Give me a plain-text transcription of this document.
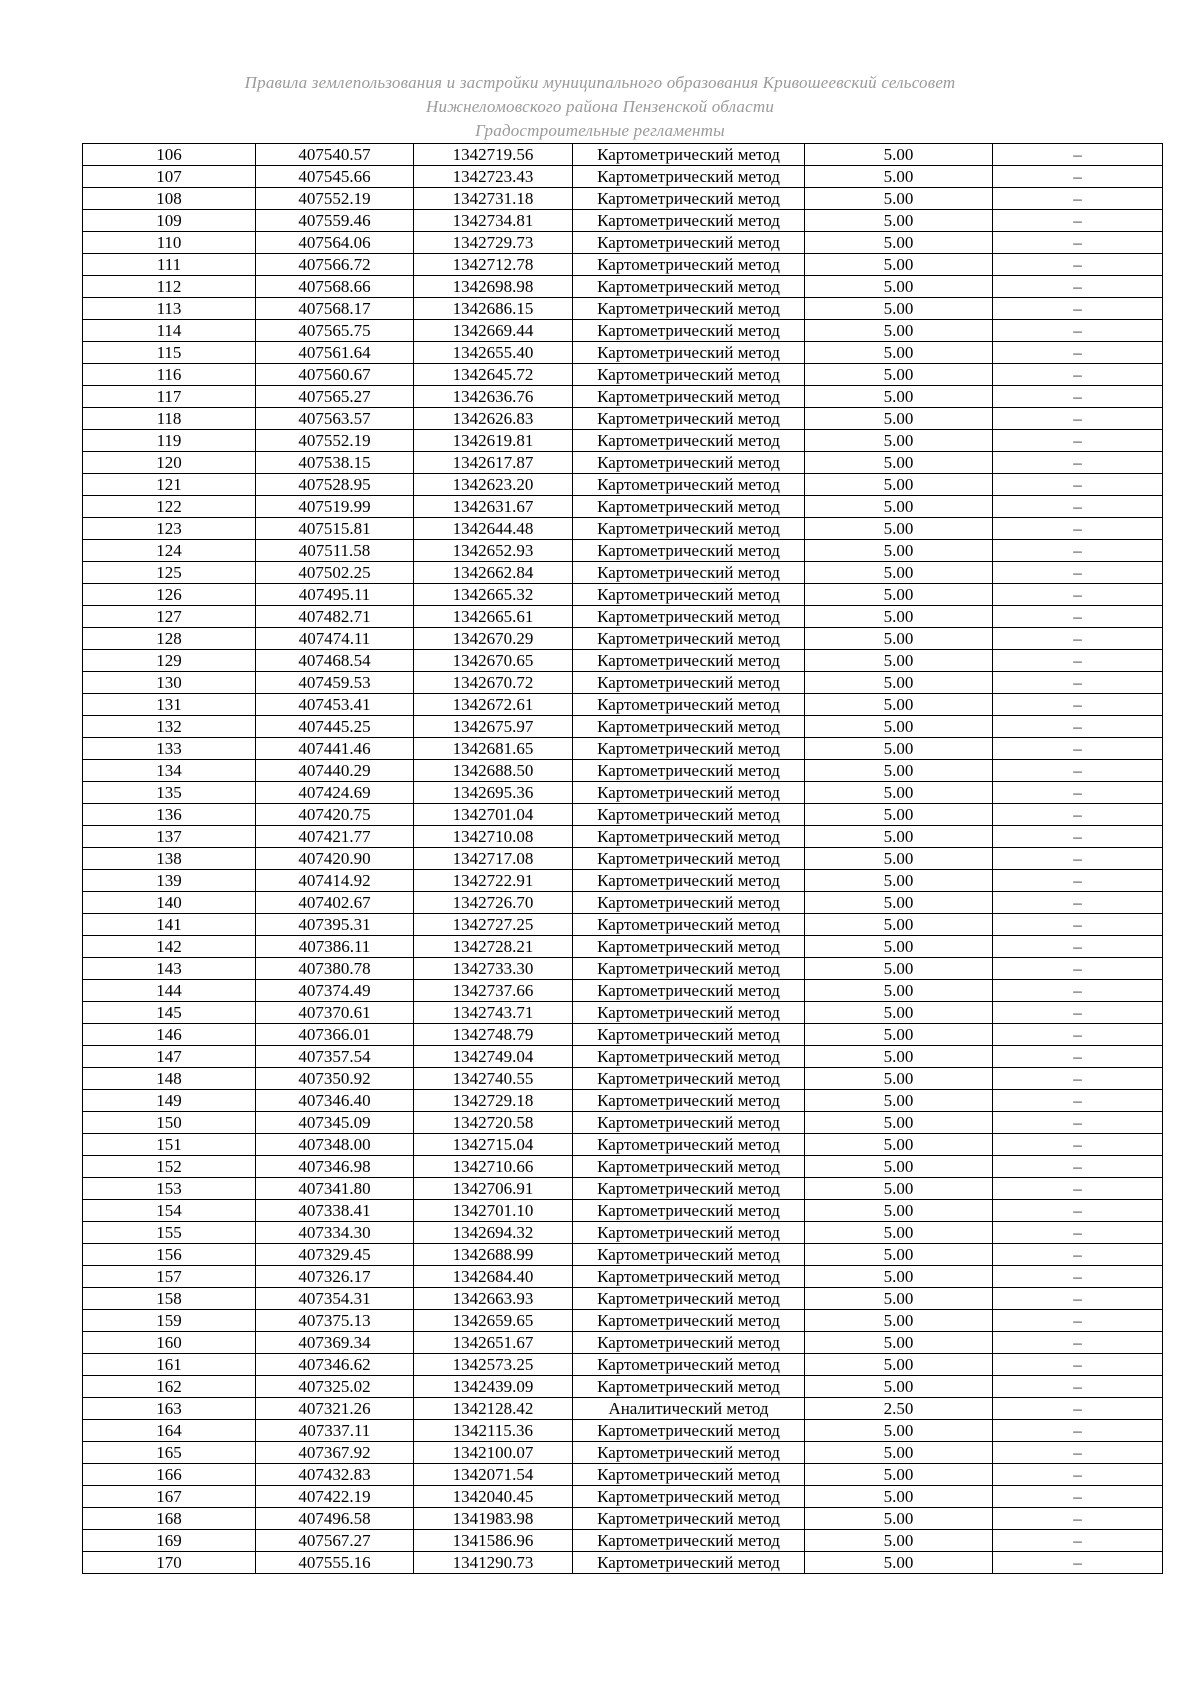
Правила землепользования и застройки муниципального образования Кривошеевский сельсовет
Нижнеломовского района Пензенской области
Градостроительные регламенты
106	407540.57	1342719.56	Картометрический метод	5.00	–
107	407545.66	1342723.43	Картометрический метод	5.00	–
108	407552.19	1342731.18	Картометрический метод	5.00	–
109	407559.46	1342734.81	Картометрический метод	5.00	–
110	407564.06	1342729.73	Картометрический метод	5.00	–
111	407566.72	1342712.78	Картометрический метод	5.00	–
112	407568.66	1342698.98	Картометрический метод	5.00	–
113	407568.17	1342686.15	Картометрический метод	5.00	–
114	407565.75	1342669.44	Картометрический метод	5.00	–
115	407561.64	1342655.40	Картометрический метод	5.00	–
116	407560.67	1342645.72	Картометрический метод	5.00	–
117	407565.27	1342636.76	Картометрический метод	5.00	–
118	407563.57	1342626.83	Картометрический метод	5.00	–
119	407552.19	1342619.81	Картометрический метод	5.00	–
120	407538.15	1342617.87	Картометрический метод	5.00	–
121	407528.95	1342623.20	Картометрический метод	5.00	–
122	407519.99	1342631.67	Картометрический метод	5.00	–
123	407515.81	1342644.48	Картометрический метод	5.00	–
124	407511.58	1342652.93	Картометрический метод	5.00	–
125	407502.25	1342662.84	Картометрический метод	5.00	–
126	407495.11	1342665.32	Картометрический метод	5.00	–
127	407482.71	1342665.61	Картометрический метод	5.00	–
128	407474.11	1342670.29	Картометрический метод	5.00	–
129	407468.54	1342670.65	Картометрический метод	5.00	–
130	407459.53	1342670.72	Картометрический метод	5.00	–
131	407453.41	1342672.61	Картометрический метод	5.00	–
132	407445.25	1342675.97	Картометрический метод	5.00	–
133	407441.46	1342681.65	Картометрический метод	5.00	–
134	407440.29	1342688.50	Картометрический метод	5.00	–
135	407424.69	1342695.36	Картометрический метод	5.00	–
136	407420.75	1342701.04	Картометрический метод	5.00	–
137	407421.77	1342710.08	Картометрический метод	5.00	–
138	407420.90	1342717.08	Картометрический метод	5.00	–
139	407414.92	1342722.91	Картометрический метод	5.00	–
140	407402.67	1342726.70	Картометрический метод	5.00	–
141	407395.31	1342727.25	Картометрический метод	5.00	–
142	407386.11	1342728.21	Картометрический метод	5.00	–
143	407380.78	1342733.30	Картометрический метод	5.00	–
144	407374.49	1342737.66	Картометрический метод	5.00	–
145	407370.61	1342743.71	Картометрический метод	5.00	–
146	407366.01	1342748.79	Картометрический метод	5.00	–
147	407357.54	1342749.04	Картометрический метод	5.00	–
148	407350.92	1342740.55	Картометрический метод	5.00	–
149	407346.40	1342729.18	Картометрический метод	5.00	–
150	407345.09	1342720.58	Картометрический метод	5.00	–
151	407348.00	1342715.04	Картометрический метод	5.00	–
152	407346.98	1342710.66	Картометрический метод	5.00	–
153	407341.80	1342706.91	Картометрический метод	5.00	–
154	407338.41	1342701.10	Картометрический метод	5.00	–
155	407334.30	1342694.32	Картометрический метод	5.00	–
156	407329.45	1342688.99	Картометрический метод	5.00	–
157	407326.17	1342684.40	Картометрический метод	5.00	–
158	407354.31	1342663.93	Картометрический метод	5.00	–
159	407375.13	1342659.65	Картометрический метод	5.00	–
160	407369.34	1342651.67	Картометрический метод	5.00	–
161	407346.62	1342573.25	Картометрический метод	5.00	–
162	407325.02	1342439.09	Картометрический метод	5.00	–
163	407321.26	1342128.42	Аналитический метод	2.50	–
164	407337.11	1342115.36	Картометрический метод	5.00	–
165	407367.92	1342100.07	Картометрический метод	5.00	–
166	407432.83	1342071.54	Картометрический метод	5.00	–
167	407422.19	1342040.45	Картометрический метод	5.00	–
168	407496.58	1341983.98	Картометрический метод	5.00	–
169	407567.27	1341586.96	Картометрический метод	5.00	–
170	407555.16	1341290.73	Картометрический метод	5.00	–
